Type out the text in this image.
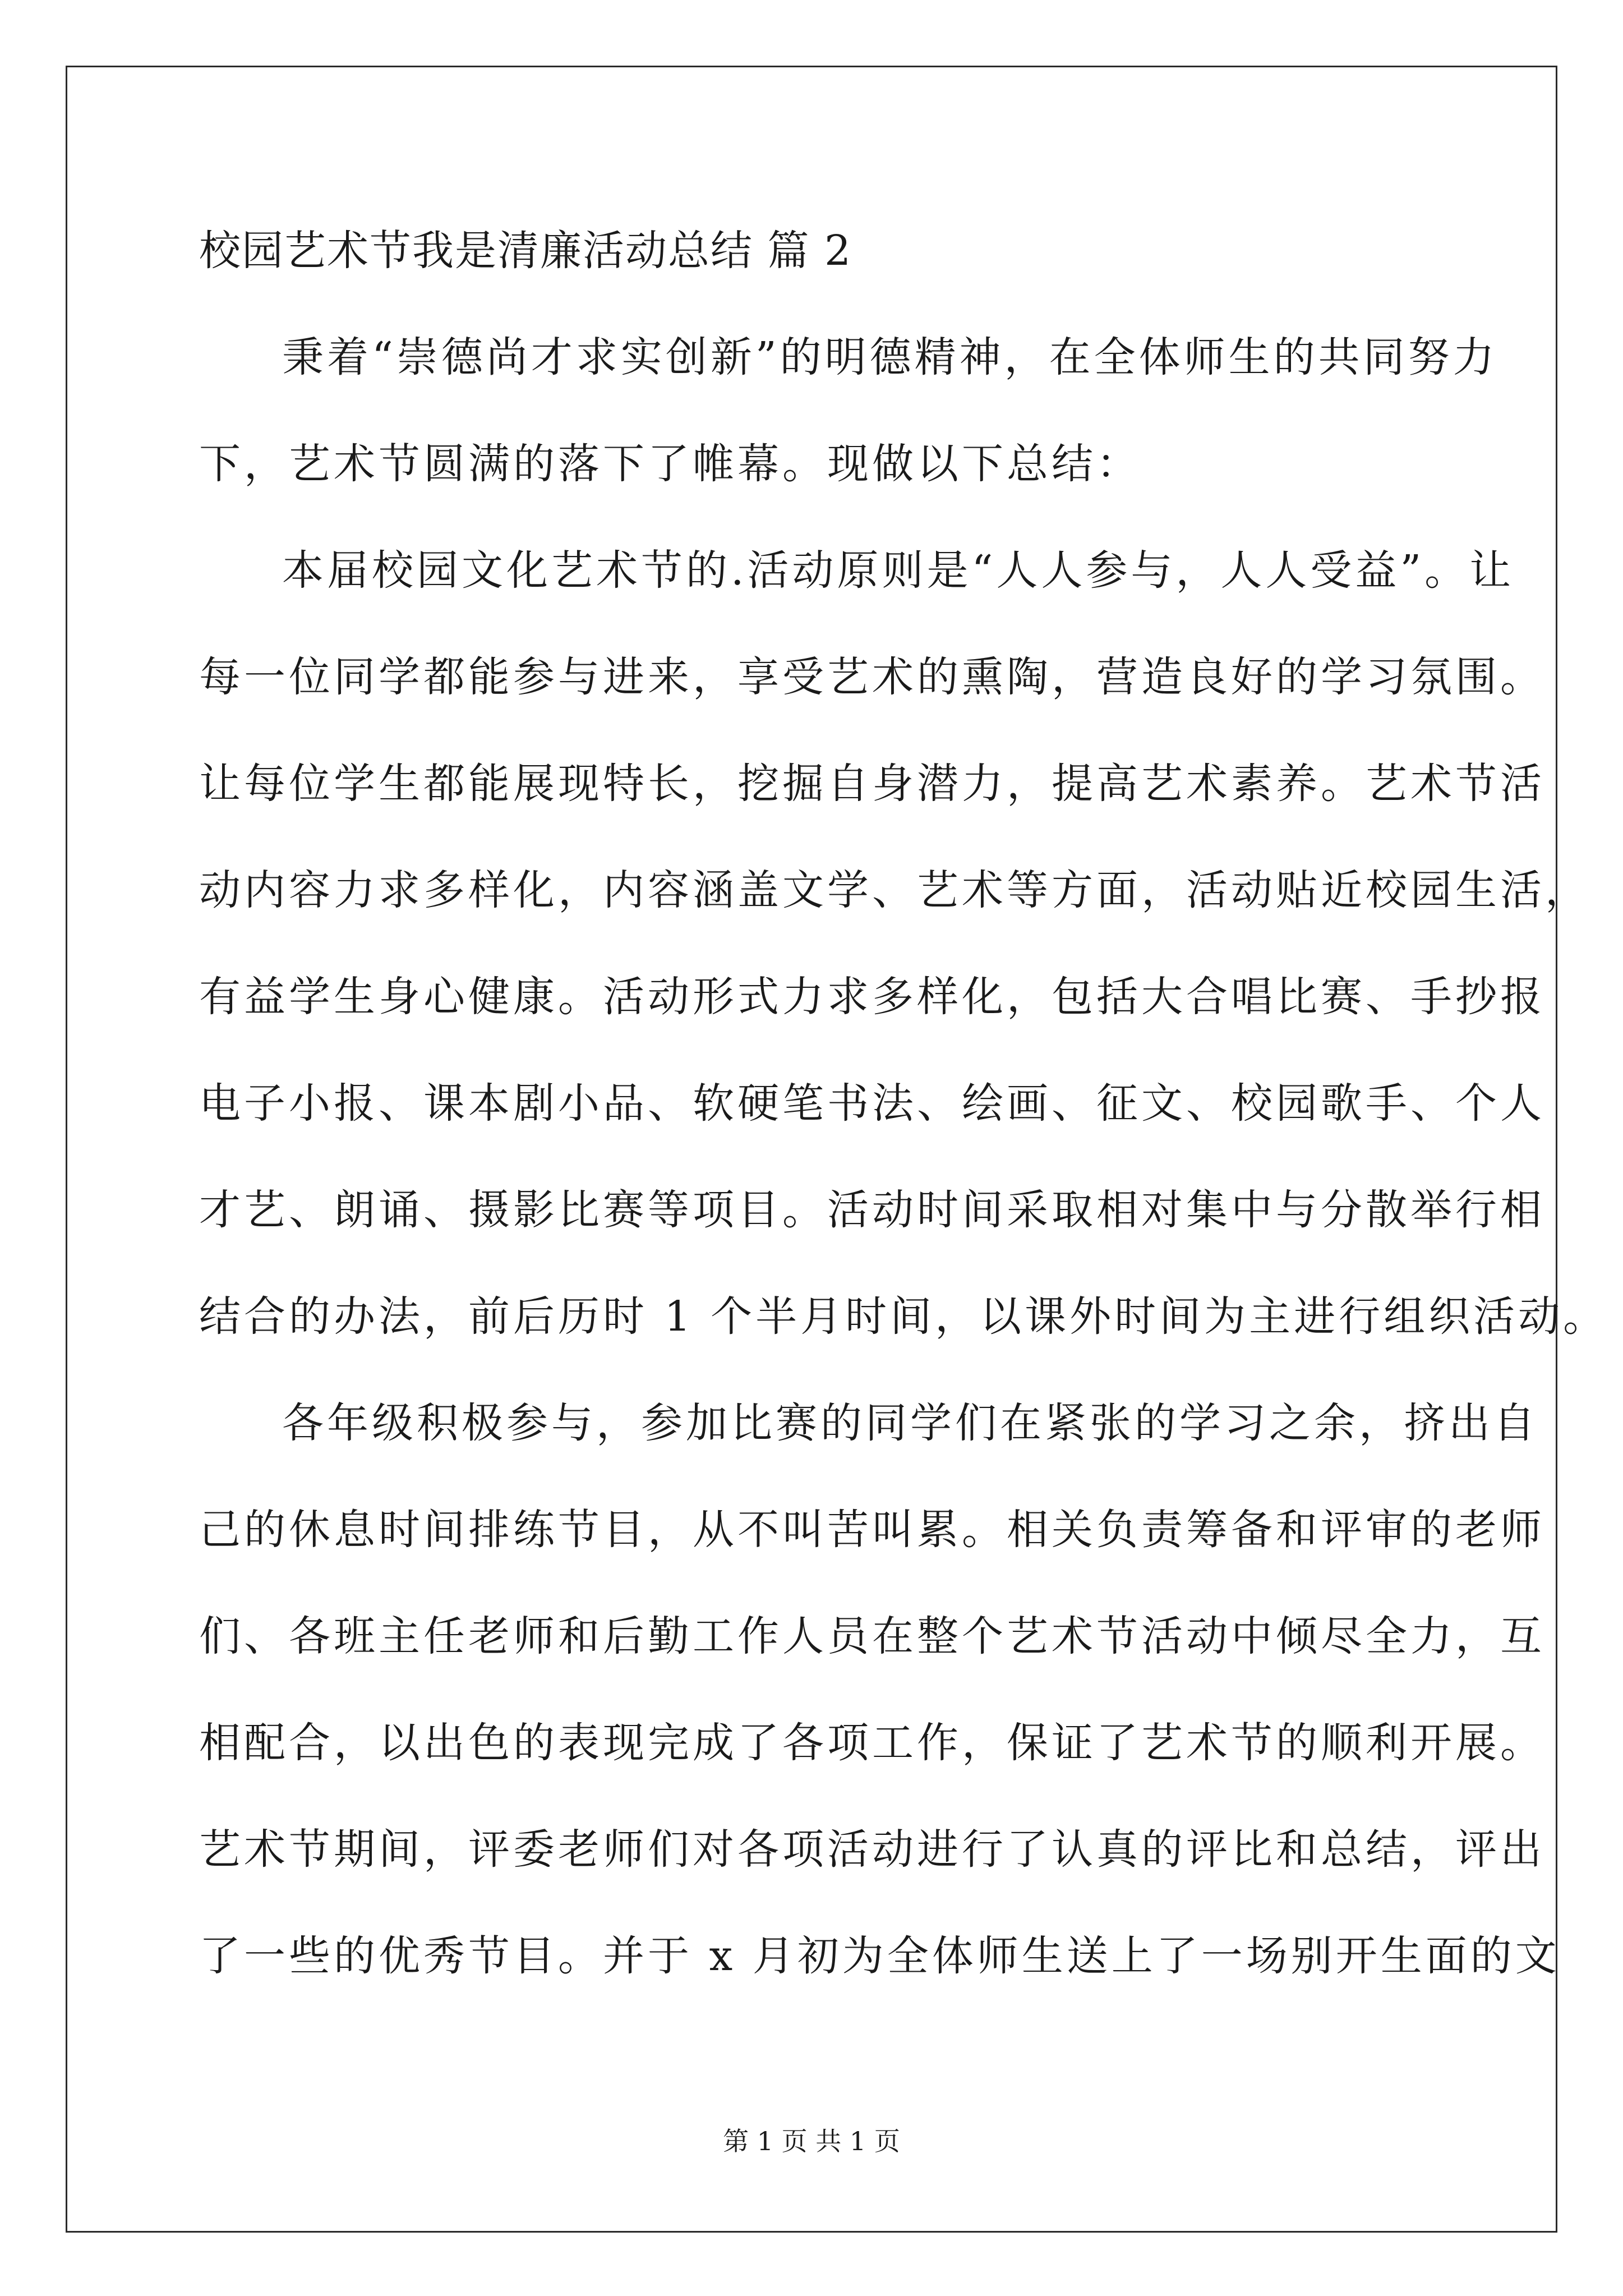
校园艺术节我是清廉活动总结 篇 2
秉着“崇德尚才求实创新”的明德精神，在全体师生的共同努力
下，艺术节圆满的落下了帷幕。现做以下总结：
本届校园文化艺术节的.活动原则是“人人参与，人人受益”。让
每一位同学都能参与进来，享受艺术的熏陶，营造良好的学习氛围。
让每位学生都能展现特长，挖掘自身潜力，提高艺术素养。艺术节活
动内容力求多样化，内容涵盖文学、艺术等方面，活动贴近校园生活，
有益学生身心健康。活动形式力求多样化，包括大合唱比赛、手抄报
电子小报、课本剧小品、软硬笔书法、绘画、征文、校园歌手、个人
才艺、朗诵、摄影比赛等项目。活动时间采取相对集中与分散举行相
结合的办法，前后历时 1 个半月时间，以课外时间为主进行组织活动。
各年级积极参与，参加比赛的同学们在紧张的学习之余，挤出自
己的休息时间排练节目，从不叫苦叫累。相关负责筹备和评审的老师
们、各班主任老师和后勤工作人员在整个艺术节活动中倾尽全力，互
相配合，以出色的表现完成了各项工作，保证了艺术节的顺利开展。
艺术节期间，评委老师们对各项活动进行了认真的评比和总结，评出
了一些的优秀节目。并于 x 月初为全体师生送上了一场别开生面的文
第 1 页 共 1 页
